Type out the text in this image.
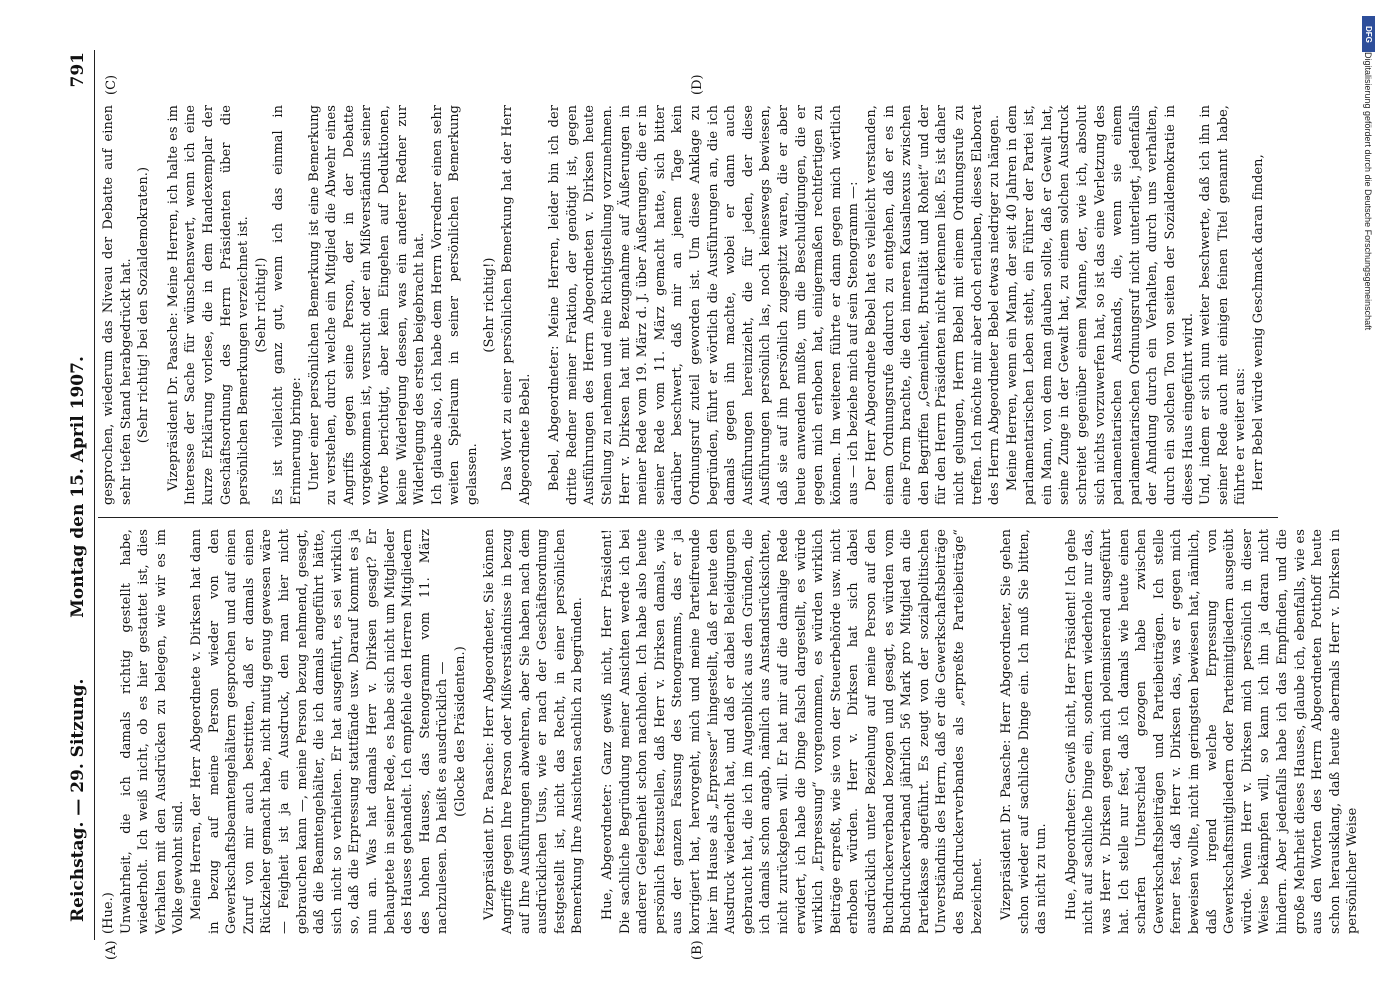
Reichstag. — 29. Sitzung.
Montag den 15. April 1907.
791
(A)	(B)
(C)	(D)

(Hue.) Unwahrheit, die ich damals richtig gestellt habe, wiederholt. Ich weiß nicht, ob es hier gestattet ist, dies Verhalten mit den Ausdrücken zu belegen, wie wir es im Volke gewohnt sind. Meine Herren, der Herr Abgeordnete v. Dirksen hat dann in bezug auf meine Person wieder von den Gewerkschaftsbeamtengehältern gesprochen und auf einen Zuruf von mir auch bestritten, daß er damals einen Rückzieher gemacht habe, nicht mutig genug gewesen wäre — Feigheit ist ja ein Ausdruck, den man hier nicht gebrauchen kann —, meine Person bezug nehmend, gesagt, daß die Beamtengehälter, die ich damals angeführt hätte, sich nicht so verhielten. Er hat ausgeführt, es sei wirklich so, daß die Erpressung stattfände usw. Darauf kommt es ja nun an. Was hat damals Herr v. Dirksen gesagt? Er behauptete in seiner Rede, es habe sich nicht um Mitglieder des Hauses gehandelt. Ich empfehle den Herren Mitgliedern des hohen Hauses, das Stenogramm vom 11. März nachzulesen. Da heißt es ausdrücklich — (Glocke des Präsidenten.) Vizepräsident Dr. Paasche: Herr Abgeordneter, Sie können Angriffe gegen Ihre Person oder Mißverständnisse in bezug auf Ihre Ausführungen abwehren, aber Sie haben nach dem ausdrücklichen Usus, wie er nach der Geschäftsordnung festgestellt ist, nicht das Recht, in einer persönlichen Bemerkung Ihre Ansichten sachlich zu begründen. Hue, Abgeordneter: Ganz gewiß nicht, Herr Präsident! Die sachliche Begründung meiner Ansichten werde ich bei anderer Gelegenheit schon nachholen. Ich habe also heute persönlich festzustellen, daß Herr v. Dirksen damals, wie aus der ganzen Fassung des Stenogramms, das er ja korrigiert hat, hervorgeht, mich und meine Parteifreunde hier im Hause als „Erpresser“ hingestellt, daß er heute den Ausdruck wiederholt hat, und daß er dabei Beleidigungen gebraucht hat, die ich im Augenblick aus den Gründen, die ich damals schon angab, nämlich aus Anstandsrücksichten, nicht zurückgeben will. Er hat mir auf die damalige Rede erwidert, ich habe die Dinge falsch dargestellt, es würde wirklich „Erpressung“ vorgenommen, es würden wirklich Beiträge erpreßt, wie sie von der Steuerbehörde usw. nicht erhoben würden. Herr v. Dirksen hat sich dabei ausdrücklich unter Beziehung auf meine Person auf den Buchdruckerverband bezogen und gesagt, es würden vom Buchdruckerverband jährlich 56 Mark pro Mitglied an die Parteikasse abgeführt. Es zeugt von der sozialpolitischen Unverständnis des Herrn, daß er die Gewerkschaftsbeiträge des Buchdruckerverbandes als „erpreßte Parteibeiträge“ bezeichnet. Vizepräsident Dr. Paasche: Herr Abgeordneter, Sie gehen schon wieder auf sachliche Dinge ein. Ich muß Sie bitten, das nicht zu tun. Hue, Abgeordneter: Gewiß nicht, Herr Präsident! Ich gehe nicht auf sachliche Dinge ein, sondern wiederhole nur das, was Herr v. Dirksen gegen mich polemisierend ausgeführt hat. Ich stelle nur fest, daß ich damals wie heute einen scharfen Unterschied gezogen habe zwischen Gewerkschaftsbeiträgen und Parteibeiträgen. Ich stelle ferner fest, daß Herr v. Dirksen das, was er gegen mich beweisen wollte, nicht im geringsten bewiesen hat, nämlich, daß irgend welche Erpressung von Gewerkschaftsmitgliedern oder Parteimitgliedern ausgeübt würde. Wenn Herr v. Dirksen mich persönlich in dieser Weise bekämpfen will, so kann ich ihn ja daran nicht hindern. Aber jedenfalls habe ich das Empfinden, und die große Mehrheit dieses Hauses, glaube ich, ebenfalls, wie es aus den Worten des Herrn Abgeordneten Potthoff heute schon herausklang, daß heute abermals Herr v. Dirksen in persönlicher Weise

gesprochen, wiederum das Niveau der Debatte auf einen sehr tiefen Stand herabgedrückt hat. (Sehr richtig! bei den Sozialdemokraten.) Vizepräsident Dr. Paasche: Meine Herren, ich halte es im Interesse der Sache für wünschenswert, wenn ich eine kurze Erklärung vorlese, die in dem Handexemplar der Geschäftsordnung des Herrn Präsidenten über die persönlichen Bemerkungen verzeichnet ist. (Sehr richtig!) Es ist vielleicht ganz gut, wenn ich das einmal in Erinnerung bringe: Unter einer persönlichen Bemerkung ist eine Bemerkung zu verstehen, durch welche ein Mitglied die Abwehr eines Angriffs gegen seine Person, der in der Debatte vorgekommen ist, versucht oder ein Mißverständnis seiner Worte berichtigt, aber kein Eingehen auf Deduktionen, keine Widerlegung dessen, was ein anderer Redner zur Widerlegung des ersten beigebracht hat. Ich glaube also, ich habe dem Herrn Vorredner einen sehr weiten Spielraum in seiner persönlichen Bemerkung gelassen.

(Sehr richtig!) Das Wort zu einer persönlichen Bemerkung hat der Herr Abgeordnete Bebel. Bebel, Abgeordneter: Meine Herren, leider bin ich der dritte Redner meiner Fraktion, der genötigt ist, gegen Ausführungen des Herrn Abgeordneten v. Dirksen heute Stellung zu nehmen und eine Richtigstellung vorzunehmen. Herr v. Dirksen hat mit Bezugnahme auf Äußerungen in meiner Rede vom 19. März d. J. über Äußerungen, die er in seiner Rede vom 11. März gemacht hatte, sich bitter darüber beschwert, daß mir an jenem Tage kein Ordnungsruf zuteil geworden ist. Um diese Anklage zu begründen, führt er wörtlich die Ausführungen an, die ich damals gegen ihn machte, wobei er dann auch Ausführungen hereinzieht, die für jeden, der diese Ausführungen persönlich las, noch keineswegs bewiesen, daß sie auf ihn persönlich zugespitzt waren, die er aber heute anwenden mußte, um die Beschuldigungen, die er gegen mich erhoben hat, einigermaßen rechtfertigen zu können. Im weiteren führte er dann gegen mich wörtlich aus — ich beziehe mich auf sein Stenogramm —: Der Herr Abgeordnete Bebel hat es vielleicht verstanden, einem Ordnungsrufe dadurch zu entgehen, daß er es in eine Form brachte, die den inneren Kausalnexus zwischen den Begriffen „Gemeinheit, Brutalität und Roheit“ und der für den Herrn Präsidenten nicht erkennen ließ. Es ist daher nicht gelungen, Herrn Bebel mit einem Ordnungsrufe zu treffen. Ich möchte mir aber doch erlauben, dieses Elaborat des Herrn Abgeordneter Bebel etwas niedriger zu hängen. Meine Herren, wenn ein Mann, der seit 40 Jahren in dem parlamentarischen Leben steht, ein Führer der Partei ist, ein Mann, von dem man glauben sollte, daß er Gewalt hat, seine Zunge in der Gewalt hat, zu einem solchen Ausdruck schreitet gegenüber einem Manne, der, wie ich, absolut sich nichts vorzuwerfen hat, so ist das eine Verletzung des parlamentarischen Anstands, die, wenn sie einem parlamentarischen Ordnungsruf nicht unterliegt, jedenfalls der Ahndung durch ein Verhalten, durch uns verhalten, durch ein solchen Ton von seiten der Sozialdemokratie in dieses Haus eingeführt wird. Und, indem er sich nun weiter beschwerte, daß ich ihn in seiner Rede auch mit einigen feinen Titel genannt habe, führte er weiter aus: Herr Bebel würde wenig Geschmack daran finden,

DFG
Digitalisierung gefördert durch die Deutsche Forschungsgemeinschaft
